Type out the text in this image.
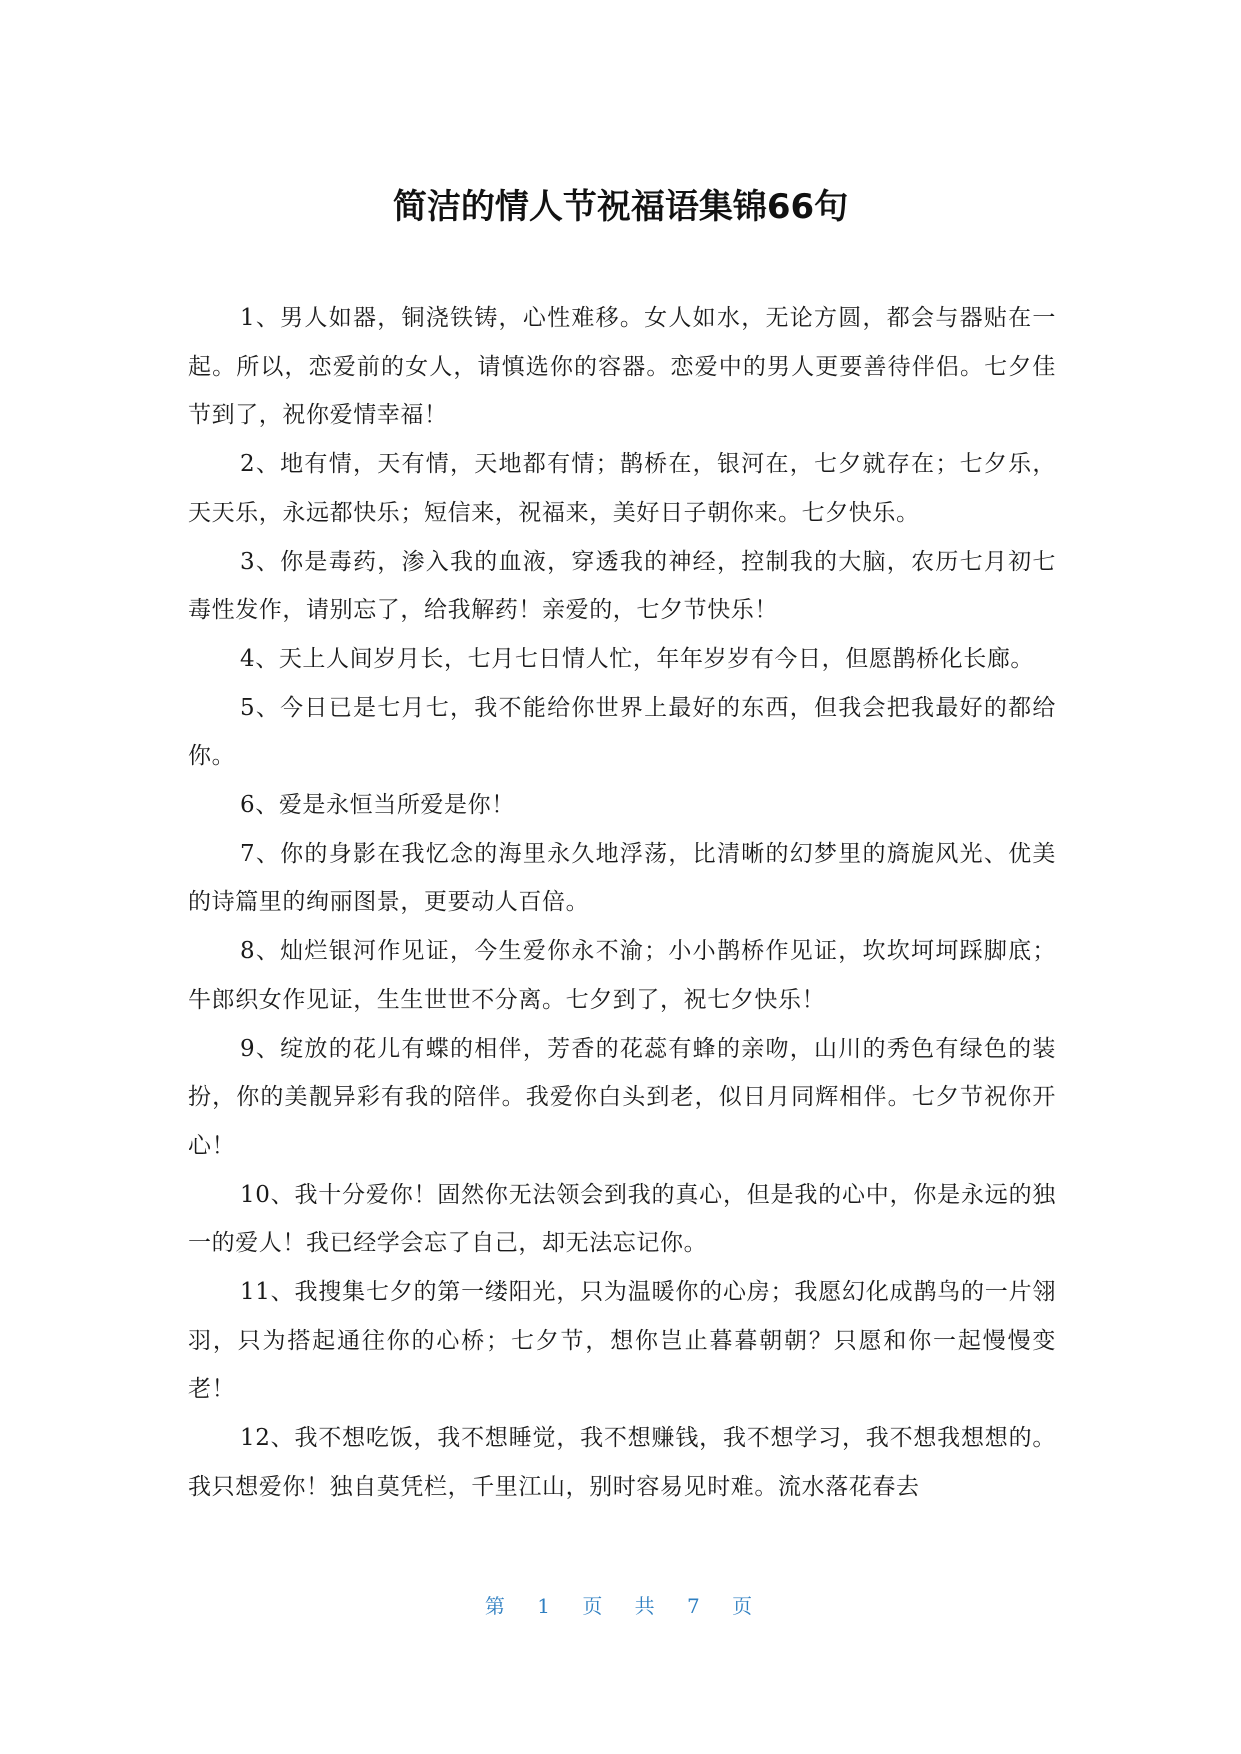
简洁的情人节祝福语集锦66句

1、男人如器，铜浇铁铸，心性难移。女人如水，无论方圆，都会与器贴在一起。所以，恋爱前的女人，请慎选你的容器。恋爱中的男人更要善待伴侣。七夕佳节到了，祝你爱情幸福！

2、地有情，天有情，天地都有情；鹊桥在，银河在，七夕就存在；七夕乐，天天乐，永远都快乐；短信来，祝福来，美好日子朝你来。七夕快乐。

3、你是毒药，渗入我的血液，穿透我的神经，控制我的大脑，农历七月初七毒性发作，请别忘了，给我解药！亲爱的，七夕节快乐！

4、天上人间岁月长，七月七日情人忙，年年岁岁有今日，但愿鹊桥化长廊。

5、今日已是七月七，我不能给你世界上最好的东西，但我会把我最好的都给你。

6、爱是永恒当所爱是你！

7、你的身影在我忆念的海里永久地浮荡，比清晰的幻梦里的旖旎风光、优美的诗篇里的绚丽图景，更要动人百倍。

8、灿烂银河作见证，今生爱你永不渝；小小鹊桥作见证，坎坎坷坷踩脚底；牛郎织女作见证，生生世世不分离。七夕到了，祝七夕快乐！

9、绽放的花儿有蝶的相伴，芳香的花蕊有蜂的亲吻，山川的秀色有绿色的装扮，你的美靓异彩有我的陪伴。我爱你白头到老，似日月同辉相伴。七夕节祝你开心！

10、我十分爱你！固然你无法领会到我的真心，但是我的心中，你是永远的独一的爱人！我已经学会忘了自己，却无法忘记你。

11、我搜集七夕的第一缕阳光，只为温暖你的心房；我愿幻化成鹊鸟的一片翎羽，只为搭起通往你的心桥；七夕节，想你岂止暮暮朝朝？只愿和你一起慢慢变老！

12、我不想吃饭，我不想睡觉，我不想赚钱，我不想学习，我不想我想想的。我只想爱你！独自莫凭栏，千里江山，别时容易见时难。流水落花春去

第 1 页 共 7 页
